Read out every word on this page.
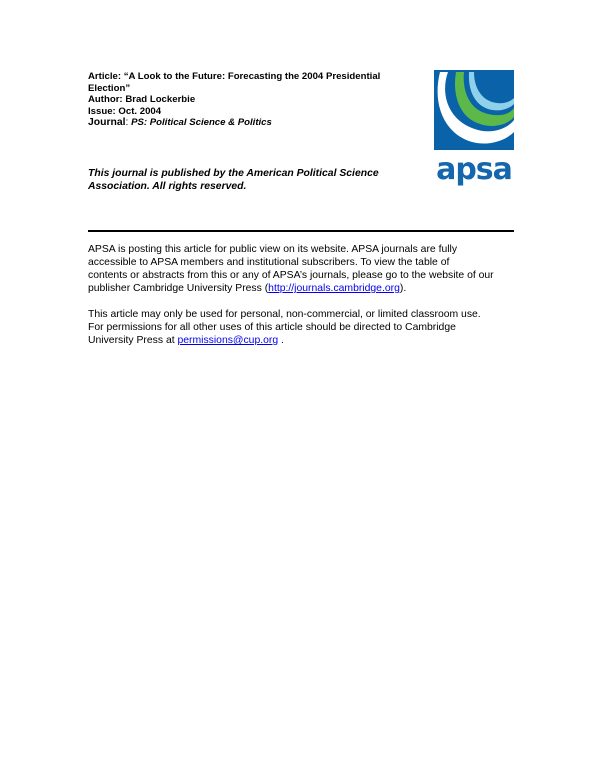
Article: “A Look to the Future: Forecasting the 2004 Presidential
Election”
Author: Brad Lockerbie
Issue: Oct. 2004
Journal: PS: Political Science & Politics
This journal is published by the American Political Science
Association. All rights reserved.	apsa

APSA is posting this article for public view on its website. APSA journals are fully
accessible to APSA members and institutional subscribers. To view the table of
contents or abstracts from this or any of APSA’s journals, please go to the website of our
publisher Cambridge University Press (http://journals.cambridge.org).

This article may only be used for personal, non-commercial, or limited classroom use.
For permissions for all other uses of this article should be directed to Cambridge
University Press at permissions@cup.org .
